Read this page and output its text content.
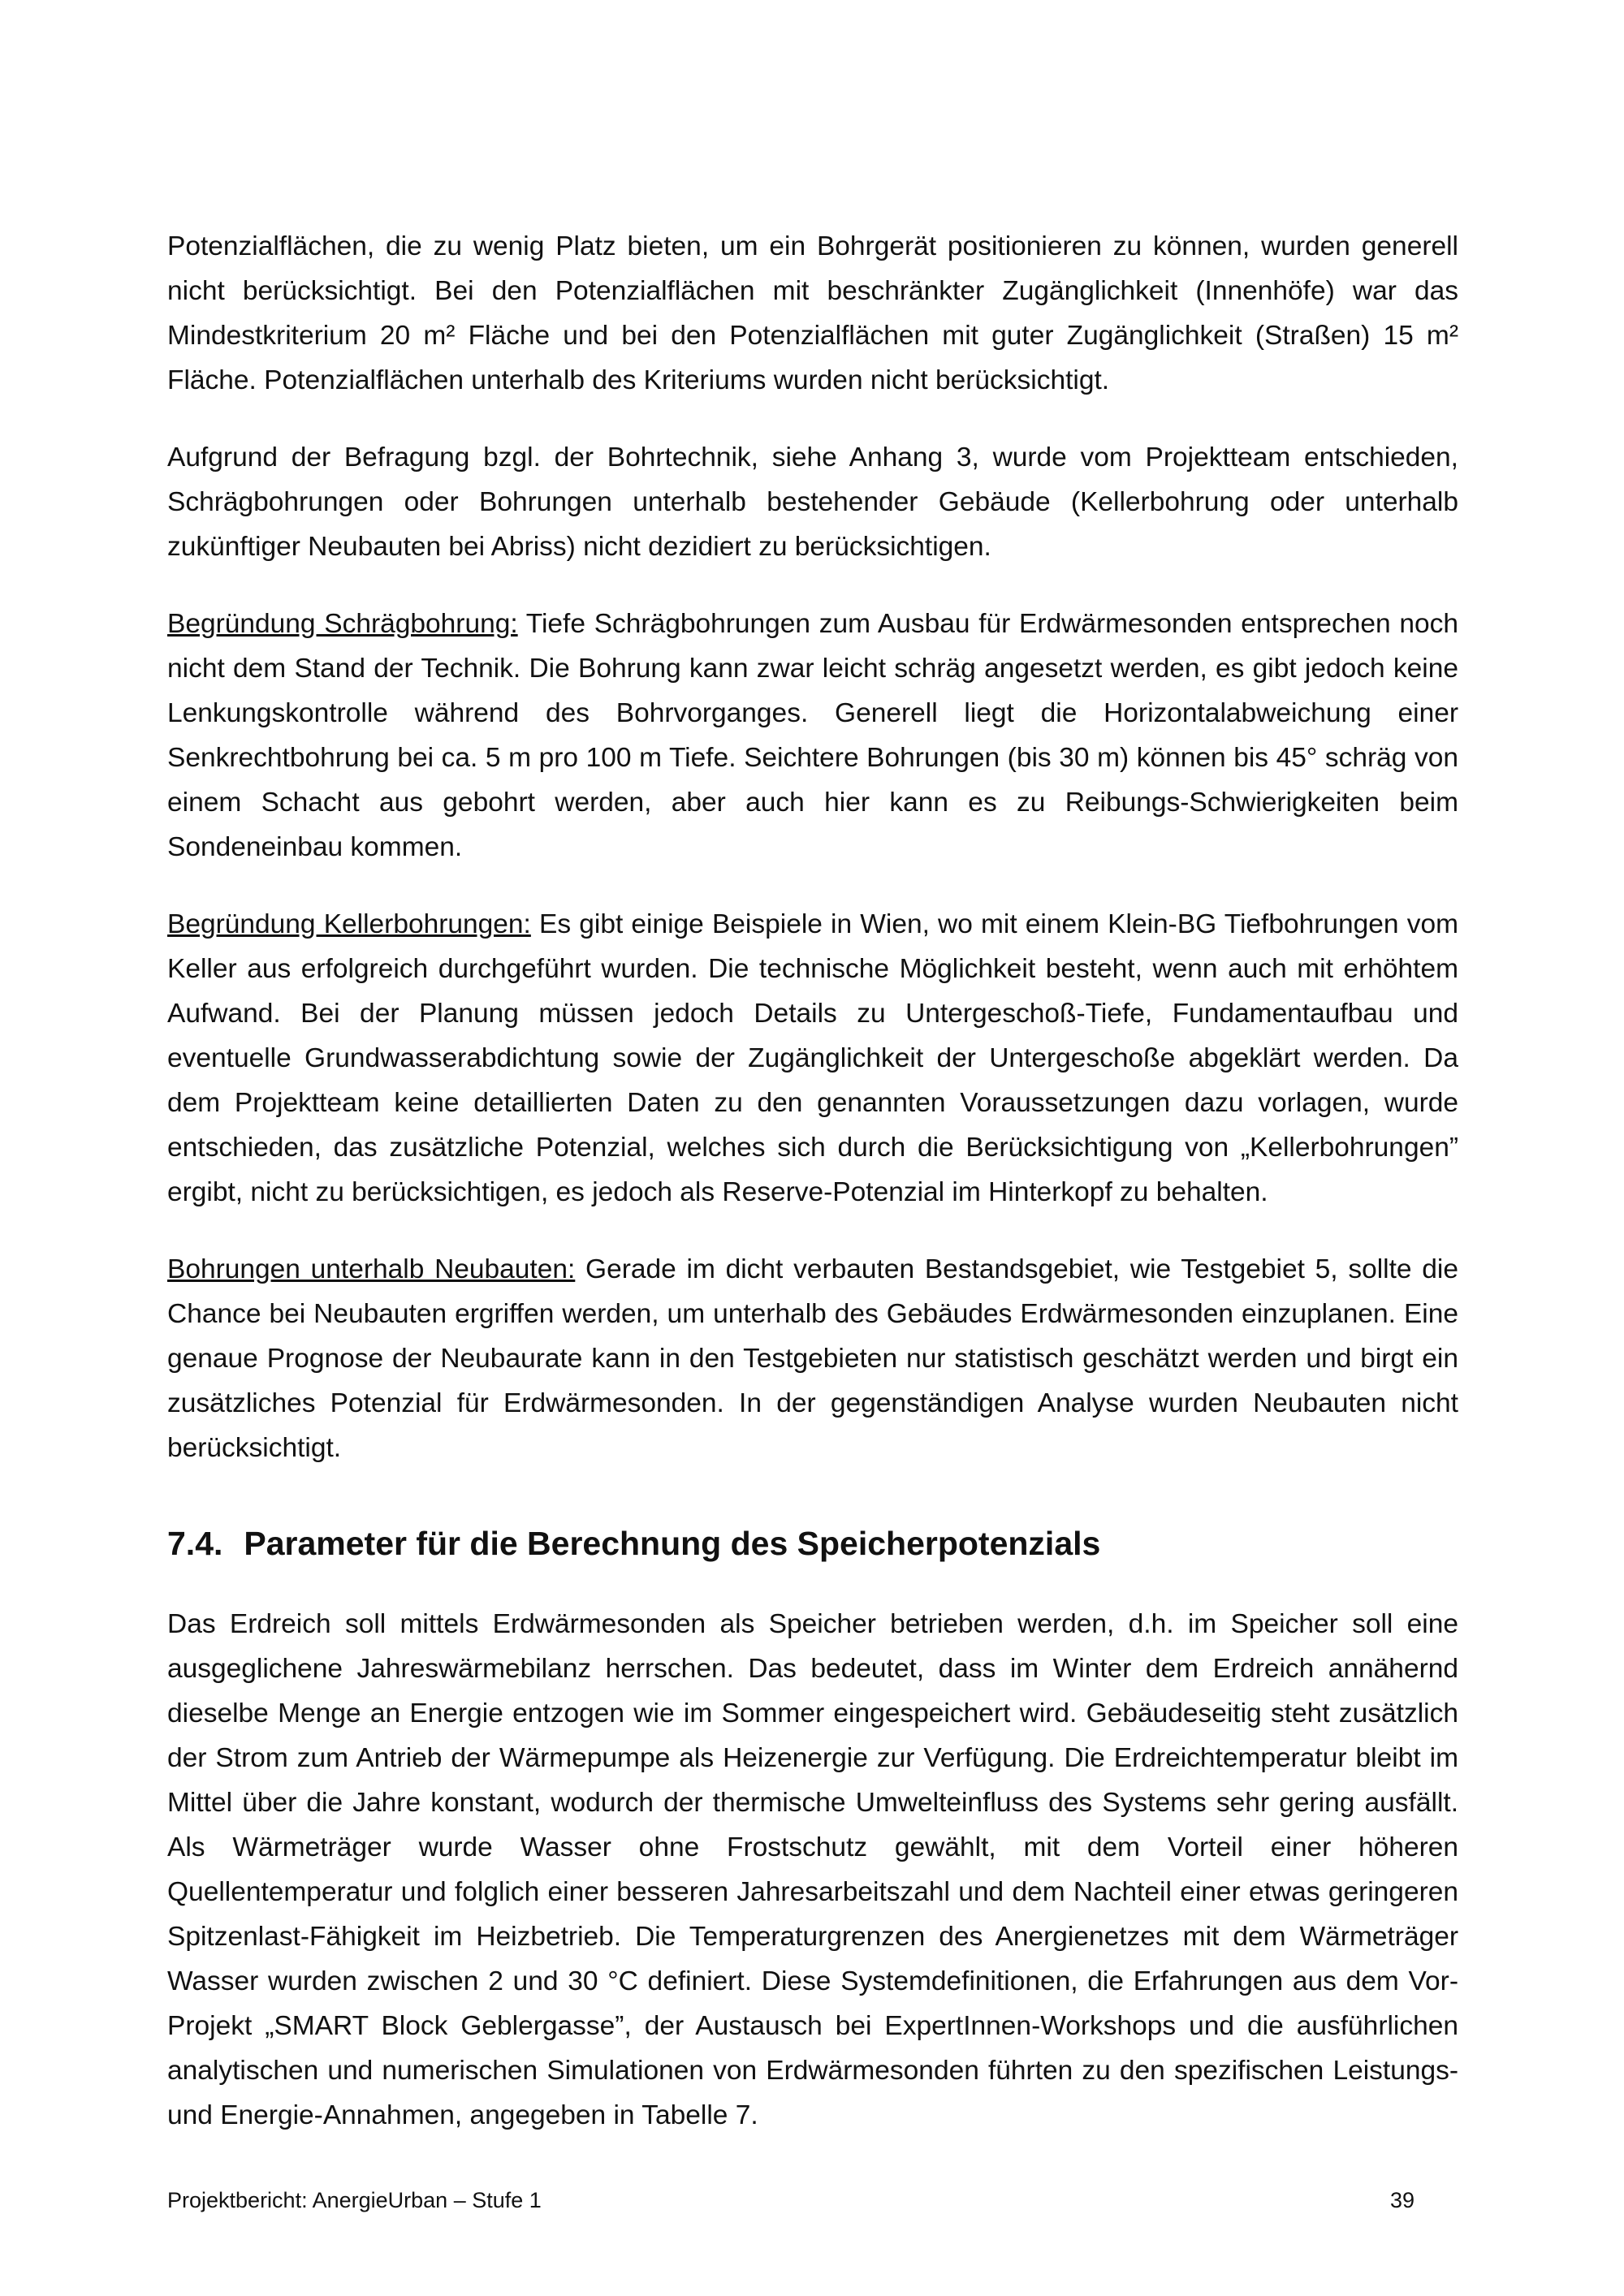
Potenzialflächen, die zu wenig Platz bieten, um ein Bohrgerät positionieren zu können, wurden generell nicht berücksichtigt. Bei den Potenzialflächen mit beschränkter Zugänglichkeit (Innenhöfe) war das Mindestkriterium 20 m² Fläche und bei den Potenzialflächen mit guter Zugänglichkeit (Straßen) 15 m² Fläche. Potenzialflächen unterhalb des Kriteriums wurden nicht berücksichtigt.

Aufgrund der Befragung bzgl. der Bohrtechnik, siehe Anhang 3, wurde vom Projektteam entschieden, Schrägbohrungen oder Bohrungen unterhalb bestehender Gebäude (Kellerbohrung oder unterhalb zukünftiger Neubauten bei Abriss) nicht dezidiert zu berücksichtigen.

Begründung Schrägbohrung: Tiefe Schrägbohrungen zum Ausbau für Erdwärmesonden entsprechen noch nicht dem Stand der Technik. Die Bohrung kann zwar leicht schräg angesetzt werden, es gibt jedoch keine Lenkungskontrolle während des Bohrvorganges. Generell liegt die Horizontalabweichung einer Senkrechtbohrung bei ca. 5 m pro 100 m Tiefe. Seichtere Bohrungen (bis 30 m) können bis 45° schräg von einem Schacht aus gebohrt werden, aber auch hier kann es zu Reibungs-Schwierigkeiten beim Sondeneinbau kommen.

Begründung Kellerbohrungen: Es gibt einige Beispiele in Wien, wo mit einem Klein-BG Tiefbohrungen vom Keller aus erfolgreich durchgeführt wurden. Die technische Möglichkeit besteht, wenn auch mit erhöhtem Aufwand. Bei der Planung müssen jedoch Details zu Untergeschoß-Tiefe, Fundamentaufbau und eventuelle Grundwasserabdichtung sowie der Zugänglichkeit der Untergeschoße abgeklärt werden. Da dem Projektteam keine detaillierten Daten zu den genannten Voraussetzungen dazu vorlagen, wurde entschieden, das zusätzliche Potenzial, welches sich durch die Berücksichtigung von „Kellerbohrungen” ergibt, nicht zu berücksichtigen, es jedoch als Reserve-Potenzial im Hinterkopf zu behalten.

Bohrungen unterhalb Neubauten: Gerade im dicht verbauten Bestandsgebiet, wie Testgebiet 5, sollte die Chance bei Neubauten ergriffen werden, um unterhalb des Gebäudes Erdwärmesonden einzuplanen. Eine genaue Prognose der Neubaurate kann in den Testgebieten nur statistisch geschätzt werden und birgt ein zusätzliches Potenzial für Erdwärmesonden. In der gegenständigen Analyse wurden Neubauten nicht berücksichtigt.

7.4. Parameter für die Berechnung des Speicherpotenzials

Das Erdreich soll mittels Erdwärmesonden als Speicher betrieben werden, d.h. im Speicher soll eine ausgeglichene Jahreswärmebilanz herrschen. Das bedeutet, dass im Winter dem Erdreich annähernd dieselbe Menge an Energie entzogen wie im Sommer eingespeichert wird. Gebäudeseitig steht zusätzlich der Strom zum Antrieb der Wärmepumpe als Heizenergie zur Verfügung. Die Erdreichtemperatur bleibt im Mittel über die Jahre konstant, wodurch der thermische Umwelteinfluss des Systems sehr gering ausfällt. Als Wärmeträger wurde Wasser ohne Frostschutz gewählt, mit dem Vorteil einer höheren Quellentemperatur und folglich einer besseren Jahresarbeitszahl und dem Nachteil einer etwas geringeren Spitzenlast-Fähigkeit im Heizbetrieb. Die Temperaturgrenzen des Anergienetzes mit dem Wärmeträger Wasser wurden zwischen 2 und 30 °C definiert. Diese Systemdefinitionen, die Erfahrungen aus dem Vor-Projekt „SMART Block Geblergasse”, der Austausch bei ExpertInnen-Workshops und die ausführlichen analytischen und numerischen Simulationen von Erdwärmesonden führten zu den spezifischen Leistungs- und Energie-Annahmen, angegeben in Tabelle 7.

Projektbericht: AnergieUrban – Stufe 1	39
